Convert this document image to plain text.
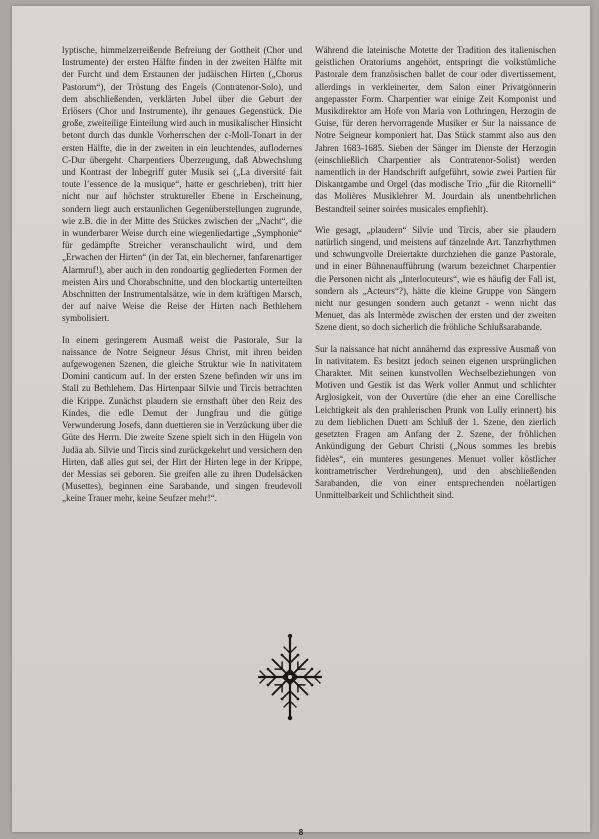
lyptische, himmelzerreißende Befreiung der Gottheit (Chor und Instrumente) der ersten Hälfte finden in der zweiten Hälfte mit der Furcht und dem Erstaunen der judäischen Hirten („Chorus Pastorum“), der Tröstung des Engels (Contratenor-Solo), und dem abschließenden, verklärten Jubel über die Geburt der Erlösers (Chor und Instrumente), ihr genaues Gegenstück. Die große, zweiteilige Einteilung wird auch in musikalischer Hinsicht betont durch das dunkle Vorherrschen der c-Moll-Tonart in der ersten Hälfte, die in der zweiten in ein leuchtendes, auflodernes C-Dur übergeht. Charpentiers Überzeugung, daß Abwechslung und Kontrast der Inbegriff guter Musik sei („La diversité fait toute l’essence de la musique“, hatte er geschrieben), tritt hier nicht nur auf höchster struktureller Ebene in Erscheinung, sondern liegt auch erstaunlichen Gegenüberstellungen zugrunde, wie z.B. die in der Mitte des Stückes zwischen der „Nacht“, die in wunderbarer Weise durch eine wiegenliedartige „Symphonie“ für gedämpfte Streicher veranschaulicht wird, und dem „Erwachen der Hirten“ (in der Tat, ein blecherner, fanfarenartiger Alarmruf!), aber auch in den rondoartig gegliederten Formen der meisten Airs und Chorabschnitte, und den blockartig unterteilten Abschnitten der Instrumentalsätze, wie in dem kräftigen Marsch, der auf naive Weise die Reise der Hirten nach Bethlehem symbolisiert.

In einem geringerem Ausmaß weist die Pastorale, Sur la naissance de Notre Seigneur Jésus Christ, mit ihren beiden aufgewogenen Szenen, die gleiche Struktur wie In nativitatem Domini canticum auf. In der ersten Szene befinden wir uns im Stall zu Bethlehem. Das Hirtenpaar Silvie und Tircis betrachten die Krippe. Zunächst plaudern sie ernsthaft über den Reiz des Kindes, die edle Demut der Jungfrau und die gütige Verwunderung Josefs, dann duettieren sie in Verzückung über die Güte des Herrn. Die zweite Szene spielt sich in den Hügeln von Judäa ab. Silvie und Tircis sind zurückgekehrt und versichern den Hirten, daß alles gut sei, der Hirt der Hirten lege in der Krippe, der Messias sei geboren. Sie greifen alle zu ihren Dudelsäcken (Musettes), beginnen eine Sarabande, und singen freudevoll „keine Trauer mehr, keine Seufzer mehr!“.

Während die lateinische Motette der Tradition des italienischen geistlichen Oratoriums angehört, entspringt die volkstümliche Pastorale dem französischen ballet de cour oder divertissement, allerdings in verkleinerter, dem Salon einer Privatgönnerin angepasster Form. Charpentier war einige Zeit Komponist und Musikdirektor am Hofe von Maria von Lothringen, Herzogin de Guise, für deren hervorragende Musiker er Sur la naissance de Notre Seigneur komponiert hat. Das Stück stammt also aus den Jahren 1683-1685. Sieben der Sänger im Dienste der Herzogin (einschließlich Charpentier als Contratenor-Solist) werden namentlich in der Handschrift aufgeführt, sowie zwei Partien für Diskantgambe und Orgel (das modische Trio „für die Ritornelli“ das Molières Musiklehrer M. Jourdain als unentbehrlichen Bestandteil seiner soirées musicales empfiehlt).

Wie gesagt, „plaudern“ Silvie und Tircis, aber sie plaudern natürlich singend, und meistens auf tänzelnde Art. Tanzrhythmen und schwungvolle Dreiertakte durchziehen die ganze Pastorale, und in einer Bühnenaufführung (warum bezeichnet Charpentier die Personen nicht als „Interlocuteurs“, wie es häufig der Fall ist, sondern als „Acteurs“?), hätte die kleine Gruppe von Sängern nicht nur gesungen sondern auch getanzt - wenn nicht das Menuet, das als Intermède zwischen der ersten und der zweiten Szene dient, so doch sicherlich die fröhliche Schlußsarabande.

Sur la naissance hat nicht annähernd das expressive Ausmaß von In nativitatem. Es besitzt jedoch seinen eigenen ursprünglichen Charakter. Mit seinen kunstvollen Wechselbeziehungen von Motiven und Gestik ist das Werk voller Anmut und schlichter Arglosigkeit, von der Ouvertüre (die eher an eine Corellische Leichtigkeit als den prahlerischen Prunk von Lully erinnert) bis zu dem lieblichen Duett am Schluß der 1. Szene, den zierlich gesetzten Fragen am Anfang der 2. Szene, der fröhlichen Ankündigung der Geburt Christi („Nous sommes les brebis fidèles“, ein munteres gesungenes Menuet voller köstlicher kontrametrischer Verdrehungen), und den abschließenden Sarabanden, die von einer entsprechenden noëlartigen Unmittelbarkeit und Schlichtheit sind.

8
